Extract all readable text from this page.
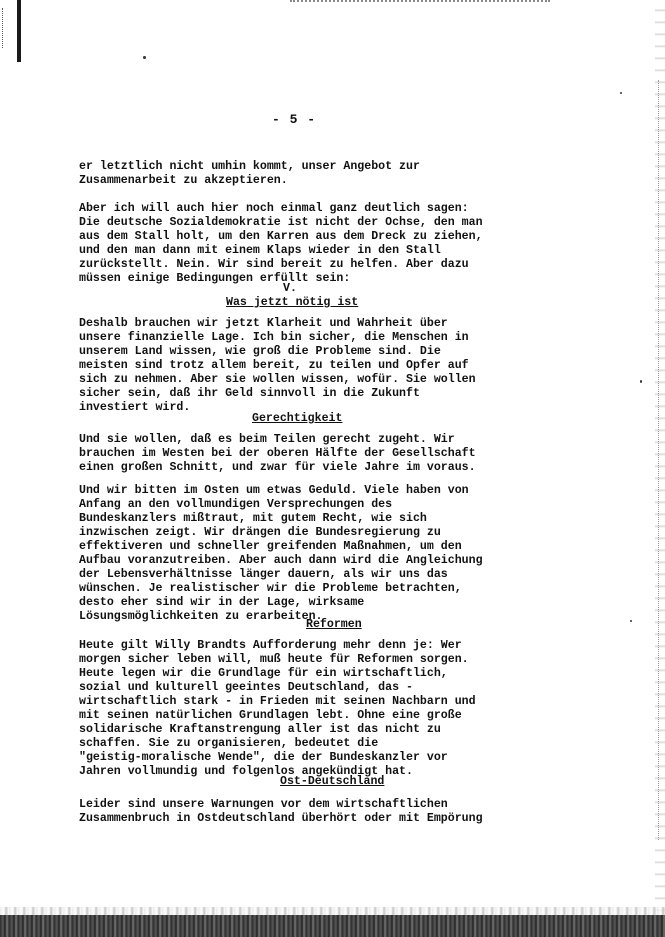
- 5 -

er letztlich nicht umhin kommt, unser Angebot zur
Zusammenarbeit zu akzeptieren.

Aber ich will auch hier noch einmal ganz deutlich sagen:
Die deutsche Sozialdemokratie ist nicht der Ochse, den man
aus dem Stall holt, um den Karren aus dem Dreck zu ziehen,
und den man dann mit einem Klaps wieder in den Stall
zurückstellt. Nein. Wir sind bereit zu helfen. Aber dazu
müssen einige Bedingungen erfüllt sein:

V.

Was jetzt nötig ist

Deshalb brauchen wir jetzt Klarheit und Wahrheit über
unsere finanzielle Lage. Ich bin sicher, die Menschen in
unserem Land wissen, wie groß die Probleme sind. Die
meisten sind trotz allem bereit, zu teilen und Opfer auf
sich zu nehmen. Aber sie wollen wissen, wofür. Sie wollen
sicher sein, daß ihr Geld sinnvoll in die Zukunft
investiert wird.

Gerechtigkeit

Und sie wollen, daß es beim Teilen gerecht zugeht. Wir
brauchen im Westen bei der oberen Hälfte der Gesellschaft
einen großen Schnitt, und zwar für viele Jahre im voraus.

Und wir bitten im Osten um etwas Geduld. Viele haben von
Anfang an den vollmundigen Versprechungen des
Bundeskanzlers mißtraut, mit gutem Recht, wie sich
inzwischen zeigt. Wir drängen die Bundesregierung zu
effektiveren und schneller greifenden Maßnahmen, um den
Aufbau voranzutreiben. Aber auch dann wird die Angleichung
der Lebensverhältnisse länger dauern, als wir uns das
wünschen. Je realistischer wir die Probleme betrachten,
desto eher sind wir in der Lage, wirksame
Lösungsmöglichkeiten zu erarbeiten.

Reformen

Heute gilt Willy Brandts Aufforderung mehr denn je: Wer
morgen sicher leben will, muß heute für Reformen sorgen.
Heute legen wir die Grundlage für ein wirtschaftlich,
sozial und kulturell geeintes Deutschland, das -
wirtschaftlich stark - in Frieden mit seinen Nachbarn und
mit seinen natürlichen Grundlagen lebt. Ohne eine große
solidarische Kraftanstrengung aller ist das nicht zu
schaffen. Sie zu organisieren, bedeutet die
"geistig-moralische Wende", die der Bundeskanzler vor
Jahren vollmundig und folgenlos angekündigt hat.

Ost-Deutschland

Leider sind unsere Warnungen vor dem wirtschaftlichen
Zusammenbruch in Ostdeutschland überhört oder mit Empörung
